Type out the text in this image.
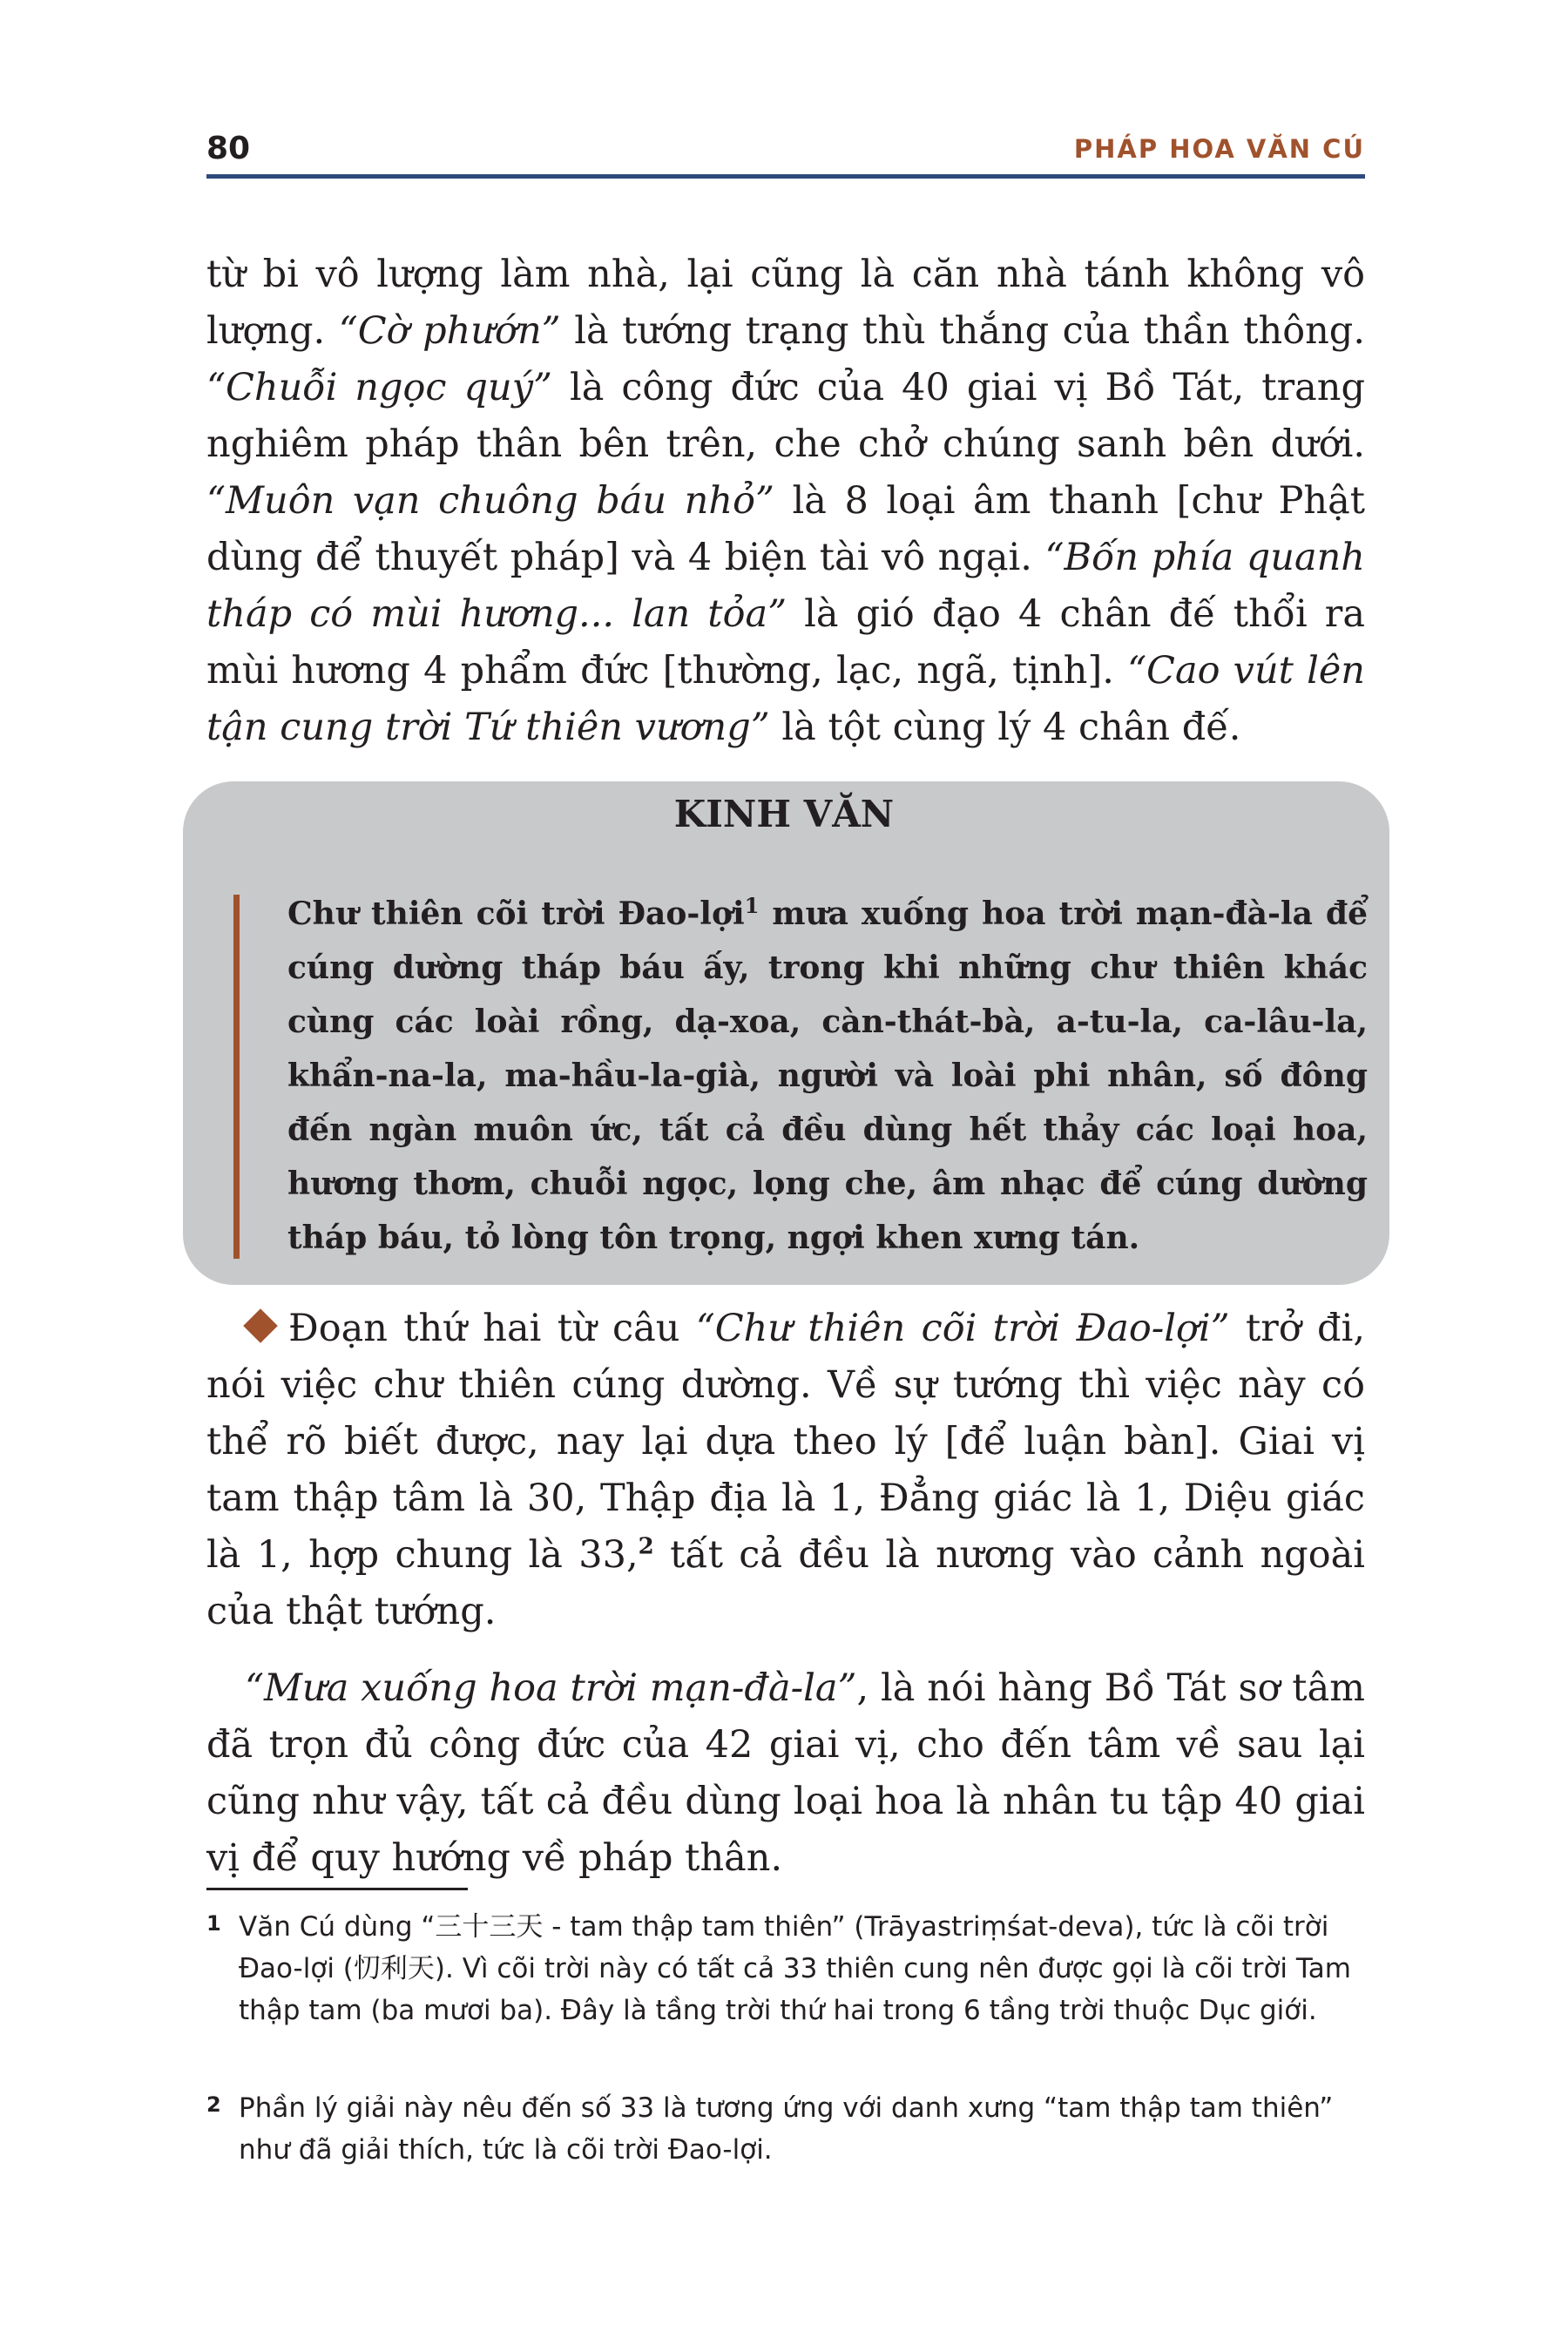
80	PHÁP HOA VĂN CÚ

từ bi vô lượng làm nhà, lại cũng là căn nhà tánh không vô lượng. “Cờ phướn” là tướng trạng thù thắng của thần thông. “Chuỗi ngọc quý” là công đức của 40 giai vị Bồ Tát, trang nghiêm pháp thân bên trên, che chở chúng sanh bên dưới. “Muôn vạn chuông báu nhỏ” là 8 loại âm thanh [chư Phật dùng để thuyết pháp] và 4 biện tài vô ngại. “Bốn phía quanh tháp có mùi hương... lan tỏa” là gió đạo 4 chân đế thổi ra mùi hương 4 phẩm đức [thường, lạc, ngã, tịnh]. “Cao vút lên tận cung trời Tứ thiên vương” là tột cùng lý 4 chân đế.

KINH VĂN

Chư thiên cõi trời Đao-lợi$^1$ mưa xuống hoa trời mạn-đà-la để cúng dường tháp báu ấy, trong khi những chư thiên khác cùng các loài rồng, dạ-xoa, càn-thát-bà, a-tu-la, ca-lâu-la, khẩn-na-la, ma-hầu-la-già, người và loài phi nhân, số đông đến ngàn muôn ức, tất cả đều dùng hết thảy các loại hoa, hương thơm, chuỗi ngọc, lọng che, âm nhạc để cúng dường tháp báu, tỏ lòng tôn trọng, ngợi khen xưng tán.

Đoạn thứ hai từ câu “Chư thiên cõi trời Đao-lợi” trở đi, nói việc chư thiên cúng dường. Về sự tướng thì việc này có thể rõ biết được, nay lại dựa theo lý [để luận bàn]. Giai vị tam thập tâm là 30, Thập địa là 1, Đẳng giác là 1, Diệu giác là 1, hợp chung là 33,$^2$ tất cả đều là nương vào cảnh ngoài của thật tướng.

“Mưa xuống hoa trời mạn-đà-la”, là nói hàng Bồ Tát sơ tâm đã trọn đủ công đức của 42 giai vị, cho đến tâm về sau lại cũng như vậy, tất cả đều dùng loại hoa là nhân tu tập 40 giai vị để quy hướng về pháp thân.

1 Văn Cú dùng “三十三天 - tam thập tam thiên” (Trāyastriṃśat-deva), tức là cõi trời Đao-lợi (忉利天). Vì cõi trời này có tất cả 33 thiên cung nên được gọi là cõi trời Tam thập tam (ba mươi ba). Đây là tầng trời thứ hai trong 6 tầng trời thuộc Dục giới.

2 Phần lý giải này nêu đến số 33 là tương ứng với danh xưng “tam thập tam thiên” như đã giải thích, tức là cõi trời Đao-lợi.
